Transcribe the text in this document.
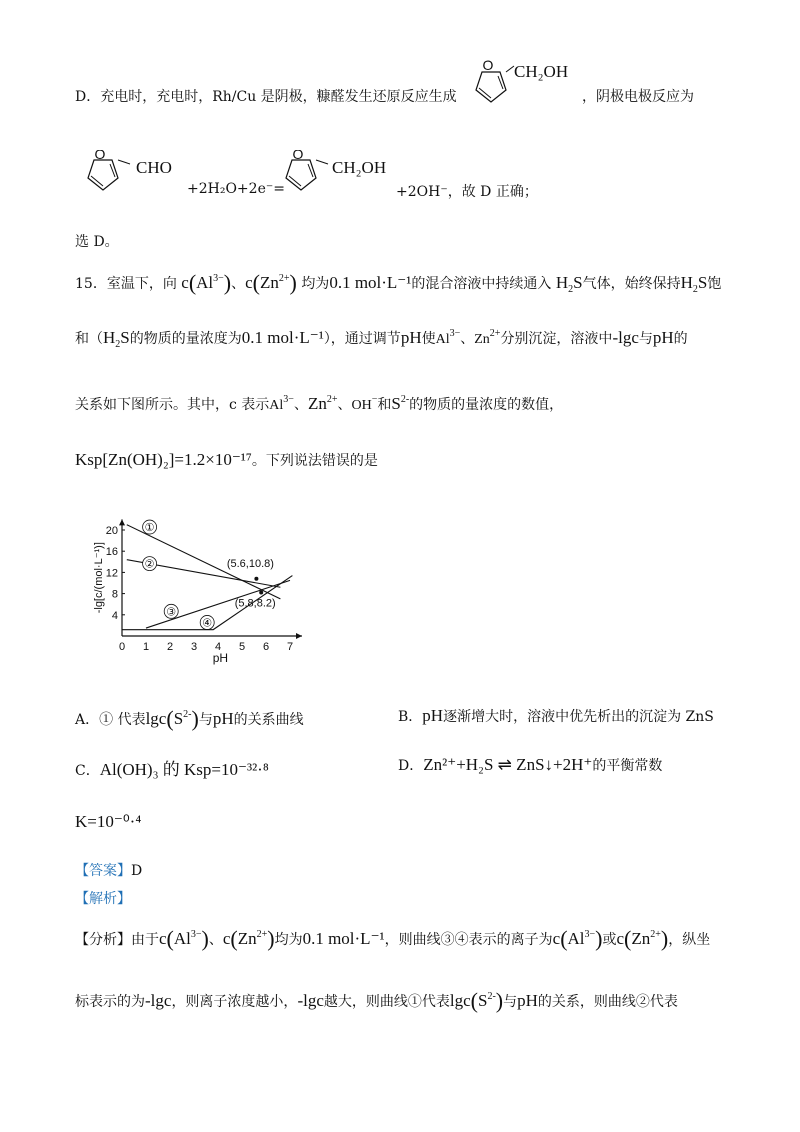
D．充电时，充电时，Rh/Cu 是阴极，糠醛发生还原反应生成
O CH₂OH
，阴极电极反应为
O
CHO
+2H₂O+2e⁻=
O
CH₂OH
+2OH⁻，故 D 正确；
选 D。
15．室温下，向 $c(Al^{3-})$、$c(Zn^{2+})$ 均为0.1 mol·L⁻¹的混合溶液中持续通入 $H_2S$气体，始终保持$H_2S$饱
和（$H_2S$的物质的量浓度为0.1 mol·L⁻¹），通过调节pH使$Al^{3-}$、$Zn^{2+}$分别沉淀，溶液中-lgc与pH的
关系如下图所示。其中，c 表示$Al^{3-}$、$Zn^{2+}$、OH−和$S^{2-}$的物质的量浓度的数值，
Ksp[Zn(OH)₂]=1.2×10⁻¹⁷。下列说法错误的是
0 1 2 3 4 5 6 7
4
8
12
16
20
pH
-lg[c/(mol·L⁻¹)]
①
②
③
④
(5.6,10.8)
(5.8,8.2)
A．① 代表$\lg c(S^{2-})$与pH的关系曲线	B．pH逐渐增大时，溶液中优先析出的沉淀为 ZnS
C．Al(OH)₃ 的 Ksp=10⁻³²·⁸	D．Zn²⁺+H₂S ⇌ ZnS↓+2H⁺的平衡常数
K=10⁻⁰·⁴
【答案】D
【解析】
【分析】由于$c(Al^{3-})$、$c(Zn^{2+})$均为0.1 mol·L⁻¹，则曲线③④表示的离子为$c(Al^{3-})$或$c(Zn^{2+})$，纵坐
标表示的为-lgc，则离子浓度越小，-lgc越大，则曲线①代表$\lg c(S^{2-})$与pH的关系，则曲线②代表
